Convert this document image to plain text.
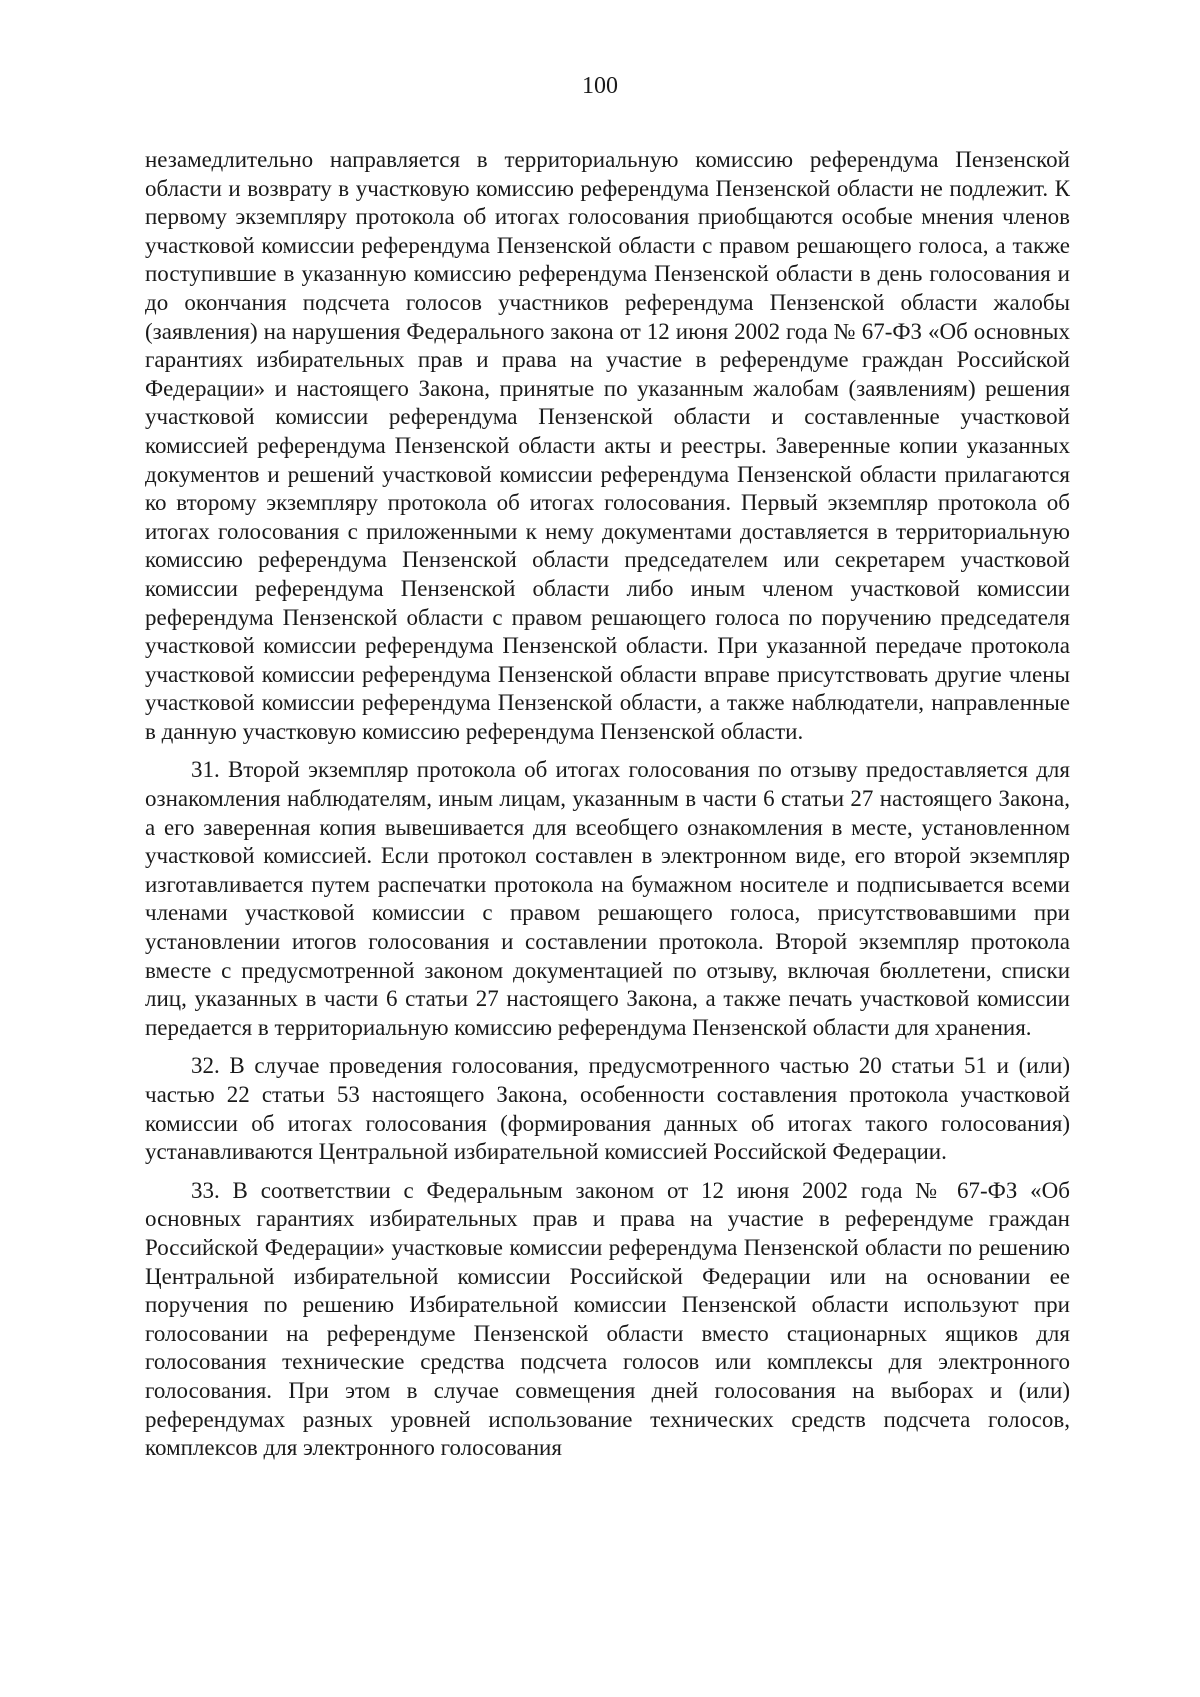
100

незамедлительно направляется в территориальную комиссию референдума Пензенской области и возврату в участковую комиссию референдума Пензенской области не подлежит. К первому экземпляру протокола об итогах голосования приобщаются особые мнения членов участковой комиссии референдума Пензенской области с правом решающего голоса, а также поступившие в указанную комиссию референдума Пензенской области в день голосования и до окончания подсчета голосов участников референдума Пензенской области жалобы (заявления) на нарушения Федерального закона от 12 июня 2002 года № 67-ФЗ «Об основных гарантиях избирательных прав и права на участие в референдуме граждан Российской Федерации» и настоящего Закона, принятые по указанным жалобам (заявлениям) решения участковой комиссии референдума Пензенской области и составленные участковой комиссией референдума Пензенской области акты и реестры. Заверенные копии указанных документов и решений участковой комиссии референдума Пензенской области прилагаются ко второму экземпляру протокола об итогах голосования. Первый экземпляр протокола об итогах голосования с приложенными к нему документами доставляется в территориальную комиссию референдума Пензенской области председателем или секретарем участковой комиссии референдума Пензенской области либо иным членом участковой комиссии референдума Пензенской области с правом решающего голоса по поручению председателя участковой комиссии референдума Пензенской области. При указанной передаче протокола участковой комиссии референдума Пензенской области вправе присутствовать другие члены участковой комиссии референдума Пензенской области, а также наблюдатели, направленные в данную участковую комиссию референдума Пензенской области.

31. Второй экземпляр протокола об итогах голосования по отзыву предоставляется для ознакомления наблюдателям, иным лицам, указанным в части 6 статьи 27 настоящего Закона, а его заверенная копия вывешивается для всеобщего ознакомления в месте, установленном участковой комиссией. Если протокол составлен в электронном виде, его второй экземпляр изготавливается путем распечатки протокола на бумажном носителе и подписывается всеми членами участковой комиссии с правом решающего голоса, присутствовавшими при установлении итогов голосования и составлении протокола. Второй экземпляр протокола вместе с предусмотренной законом документацией по отзыву, включая бюллетени, списки лиц, указанных в части 6 статьи 27 настоящего Закона, а также печать участковой комиссии передается в территориальную комиссию референдума Пензенской области для хранения.

32. В случае проведения голосования, предусмотренного частью 20 статьи 51 и (или) частью 22 статьи 53 настоящего Закона, особенности составления протокола участковой комиссии об итогах голосования (формирования данных об итогах такого голосования) устанавливаются Центральной избирательной комиссией Российской Федерации.

33. В соответствии с Федеральным законом от 12 июня 2002 года № 67-ФЗ «Об основных гарантиях избирательных прав и права на участие в референдуме граждан Российской Федерации» участковые комиссии референдума Пензенской области по решению Центральной избирательной комиссии Российской Федерации или на основании ее поручения по решению Избирательной комиссии Пензенской области используют при голосовании на референдуме Пензенской области вместо стационарных ящиков для голосования технические средства подсчета голосов или комплексы для электронного голосования. При этом в случае совмещения дней голосования на выборах и (или) референдумах разных уровней использование технических средств подсчета голосов, комплексов для электронного голосования
